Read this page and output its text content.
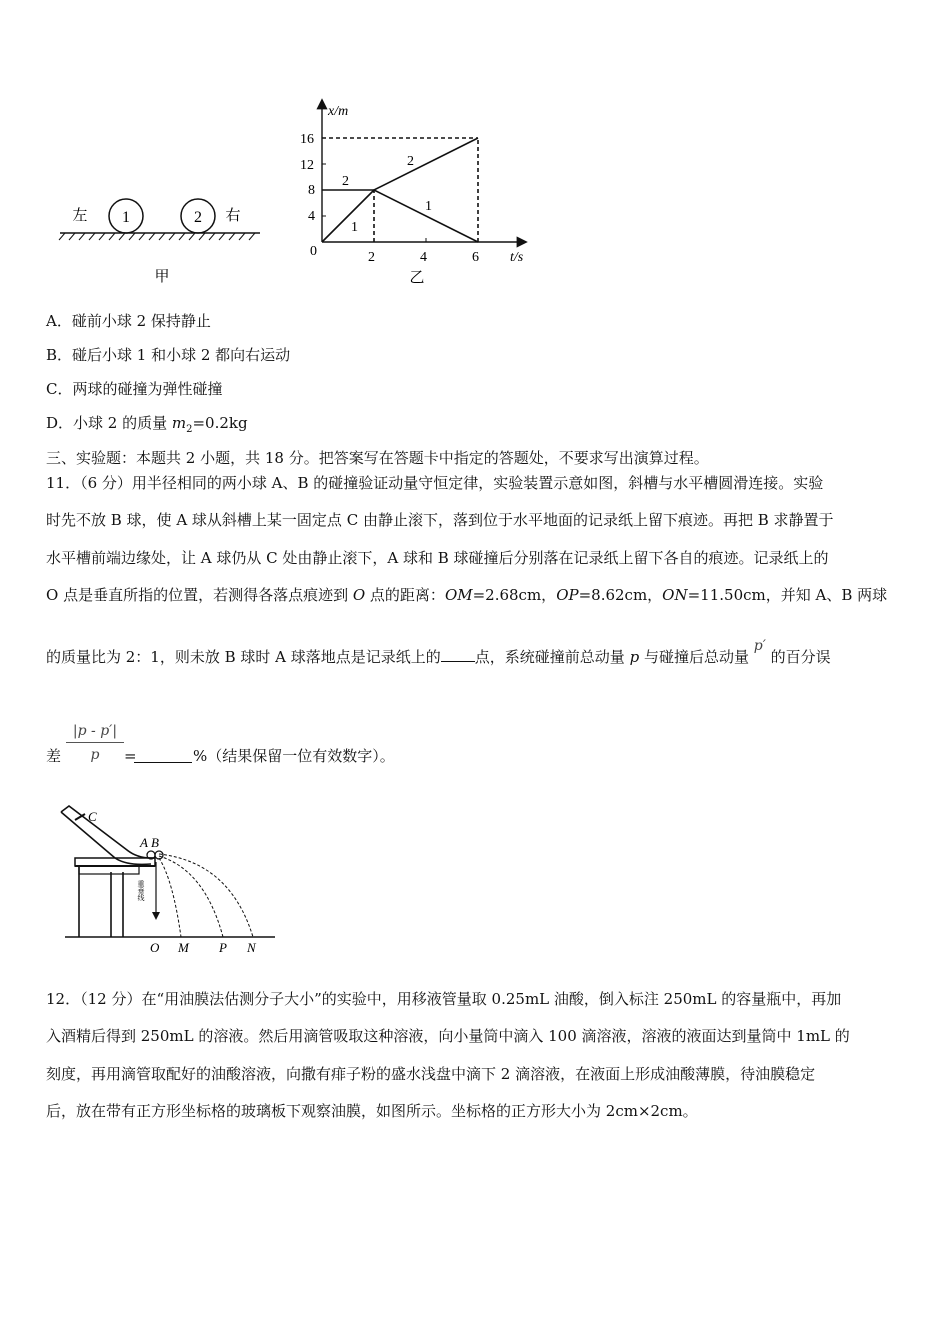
1	2
左	右
甲
x/m
t/s
0
16
12
8
4
2	4	6
2
2
1
1
乙
A．碰前小球 2 保持静止
B．碰后小球 1 和小球 2 都向右运动
C．两球的碰撞为弹性碰撞
D．小球 2 的质量 $m_2=0.2kg$
三、实验题：本题共 2 小题，共 18 分。把答案写在答题卡中指定的答题处，不要求写出演算过程。
11．（6 分）用半径相同的两小球 A、B 的碰撞验证动量守恒定律，实验装置示意如图，斜槽与水平槽圆滑连接。实验
时先不放 B 球，使 A 球从斜槽上某一固定点 C 由静止滚下，落到位于水平地面的记录纸上留下痕迹。再把 B 求静置于
水平槽前端边缘处，让 A 球仍从 C 处由静止滚下，A 球和 B 球碰撞后分别落在记录纸上留下各自的痕迹。记录纸上的
O 点是垂直所指的位置，若测得各落点痕迹到 O 点的距离：OM=2.68cm，OP=8.62cm，ON=11.50cm，并知 A、B 两球
的质量比为 2：1，则未放 B 球时 A 球落地点是记录纸上的 点，系统碰撞前总动量 p 与碰撞后总动量 p′ 的百分误
差 $\frac{|p - p'|}{p}$ =	%（结果保留一位有效数字）。
C
A B
重垂线
O M P N
12．（12 分）在“用油膜法估测分子大小”的实验中，用移液管量取 0.25mL 油酸，倒入标注 250mL 的容量瓶中，再加
入酒精后得到 250mL 的溶液。然后用滴管吸取这种溶液，向小量筒中滴入 100 滴溶液，溶液的液面达到量筒中 1mL 的
刻度，再用滴管取配好的油酸溶液，向撒有痱子粉的盛水浅盘中滴下 2 滴溶液，在液面上形成油酸薄膜，待油膜稳定
后，放在带有正方形坐标格的玻璃板下观察油膜，如图所示。坐标格的正方形大小为 2cm×2cm。
